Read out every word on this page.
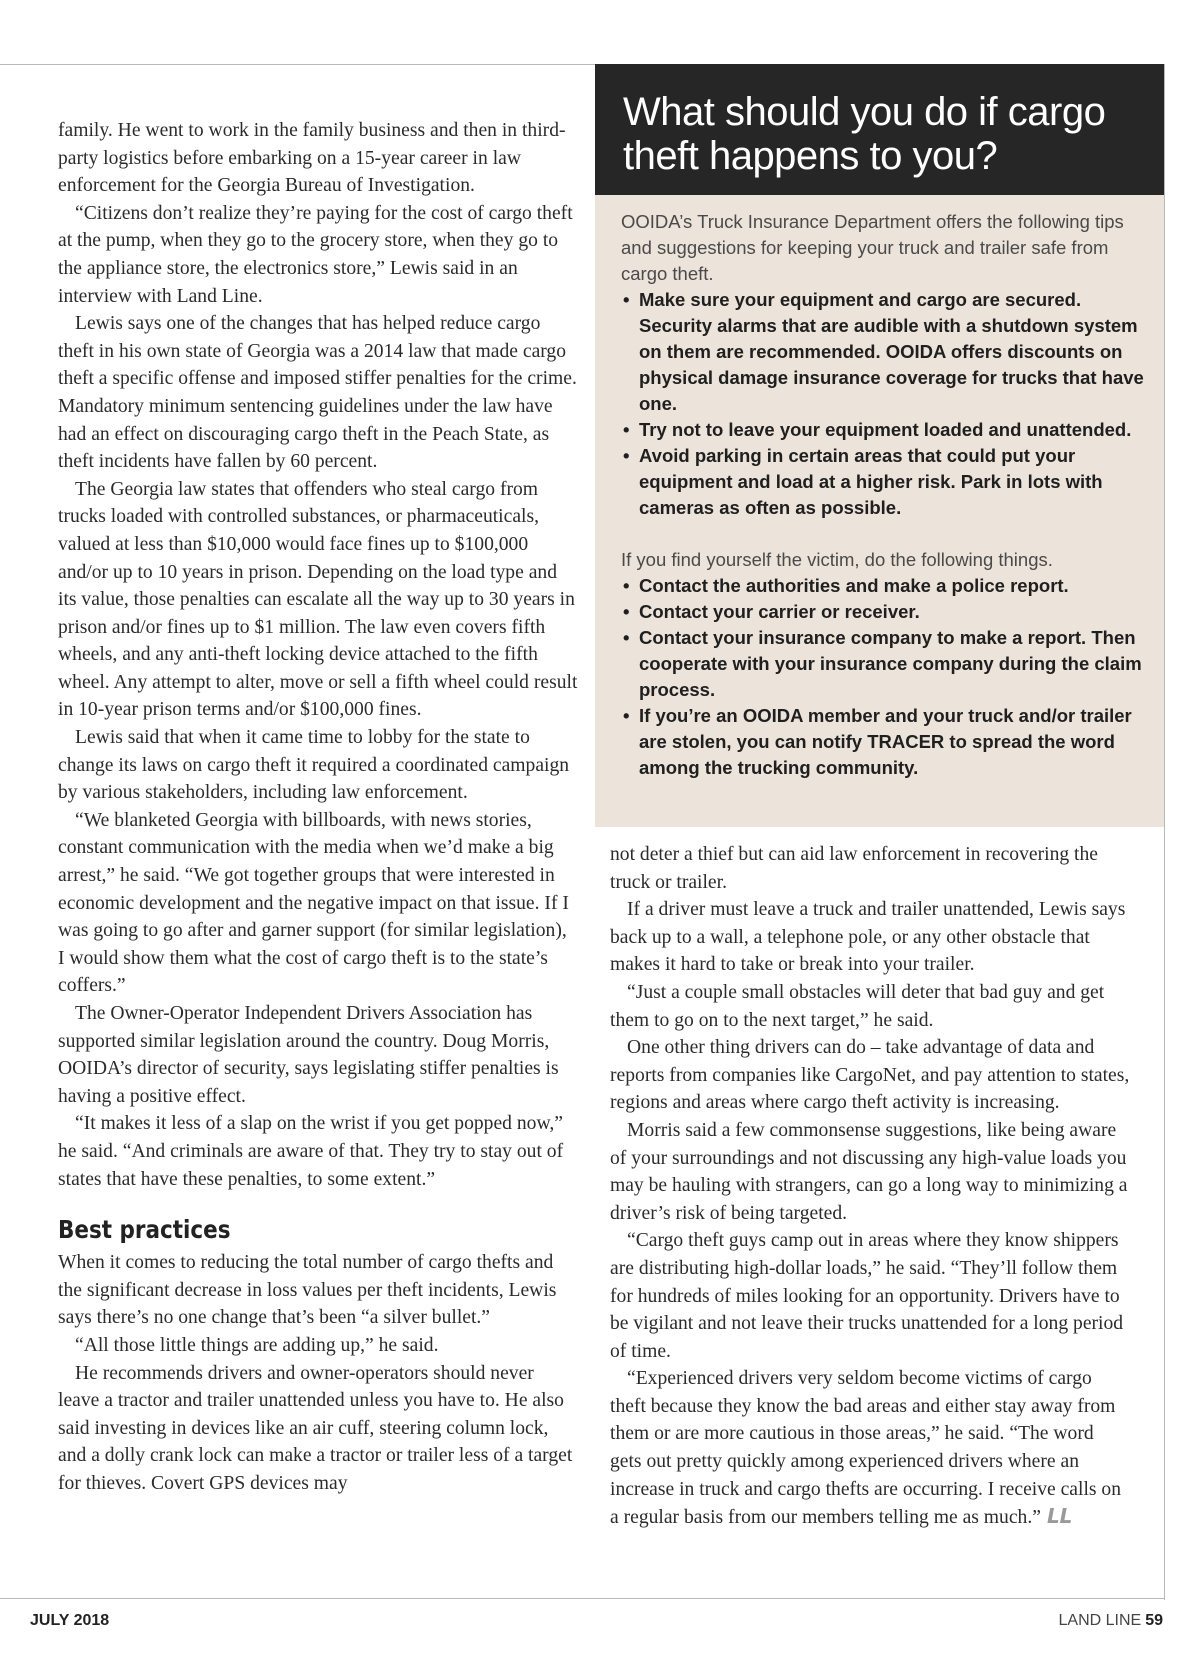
family. He went to work in the family business and then in third-party logistics before embarking on a 15-year career in law enforcement for the Georgia Bureau of Investigation.

“Citizens don’t realize they’re paying for the cost of cargo theft at the pump, when they go to the grocery store, when they go to the appliance store, the electronics store,” Lewis said in an interview with Land Line.

Lewis says one of the changes that has helped reduce cargo theft in his own state of Georgia was a 2014 law that made cargo theft a specific offense and imposed stiffer penalties for the crime. Mandatory minimum sentencing guidelines under the law have had an effect on discouraging cargo theft in the Peach State, as theft incidents have fallen by 60 percent.

The Georgia law states that offenders who steal cargo from trucks loaded with controlled substances, or pharmaceuticals, valued at less than $10,000 would face fines up to $100,000 and/or up to 10 years in prison. Depending on the load type and its value, those penalties can escalate all the way up to 30 years in prison and/or fines up to $1 million. The law even covers fifth wheels, and any anti-theft locking device attached to the fifth wheel. Any attempt to alter, move or sell a fifth wheel could result in 10-year prison terms and/or $100,000 fines.

Lewis said that when it came time to lobby for the state to change its laws on cargo theft it required a coordinated campaign by various stakeholders, including law enforcement.

“We blanketed Georgia with billboards, with news stories, constant communication with the media when we’d make a big arrest,” he said. “We got together groups that were interested in economic development and the negative impact on that issue. If I was going to go after and garner support (for similar legislation), I would show them what the cost of cargo theft is to the state’s coffers.”

The Owner-Operator Independent Drivers Association has supported similar legislation around the country. Doug Morris, OOIDA’s director of security, says legislating stiffer penalties is having a positive effect.

“It makes it less of a slap on the wrist if you get popped now,” he said. “And criminals are aware of that. They try to stay out of states that have these penalties, to some extent.”

Best practices

When it comes to reducing the total number of cargo thefts and the significant decrease in loss values per theft incidents, Lewis says there’s no one change that’s been “a silver bullet.”

“All those little things are adding up,” he said.

He recommends drivers and owner-operators should never leave a tractor and trailer unattended unless you have to. He also said investing in devices like an air cuff, steering column lock, and a dolly crank lock can make a tractor or trailer less of a target for thieves. Covert GPS devices may

What should you do if cargo theft happens to you?

OOIDA’s Truck Insurance Department offers the following tips and suggestions for keeping your truck and trailer safe from cargo theft.

• Make sure your equipment and cargo are secured. Security alarms that are audible with a shutdown system on them are recommended. OOIDA offers discounts on physical damage insurance coverage for trucks that have one.
• Try not to leave your equipment loaded and unattended.
• Avoid parking in certain areas that could put your equipment and load at a higher risk. Park in lots with cameras as often as possible.

If you find yourself the victim, do the following things.

• Contact the authorities and make a police report.
• Contact your carrier or receiver.
• Contact your insurance company to make a report. Then cooperate with your insurance company during the claim process.
• If you’re an OOIDA member and your truck and/or trailer are stolen, you can notify TRACER to spread the word among the trucking community.

not deter a thief but can aid law enforcement in recovering the truck or trailer.

If a driver must leave a truck and trailer unattended, Lewis says back up to a wall, a telephone pole, or any other obstacle that makes it hard to take or break into your trailer.

“Just a couple small obstacles will deter that bad guy and get them to go on to the next target,” he said.

One other thing drivers can do – take advantage of data and reports from companies like CargoNet, and pay attention to states, regions and areas where cargo theft activity is increasing.

Morris said a few commonsense suggestions, like being aware of your surroundings and not discussing any high-value loads you may be hauling with strangers, can go a long way to minimizing a driver’s risk of being targeted.

“Cargo theft guys camp out in areas where they know shippers are distributing high-dollar loads,” he said. “They’ll follow them for hundreds of miles looking for an opportunity. Drivers have to be vigilant and not leave their trucks unattended for a long period of time.

“Experienced drivers very seldom become victims of cargo theft because they know the bad areas and either stay away from them or are more cautious in those areas,” he said. “The word gets out pretty quickly among experienced drivers where an increase in truck and cargo thefts are occurring. I receive calls on a regular basis from our members telling me as much.” LL

JULY 2018	LAND LINE 59
